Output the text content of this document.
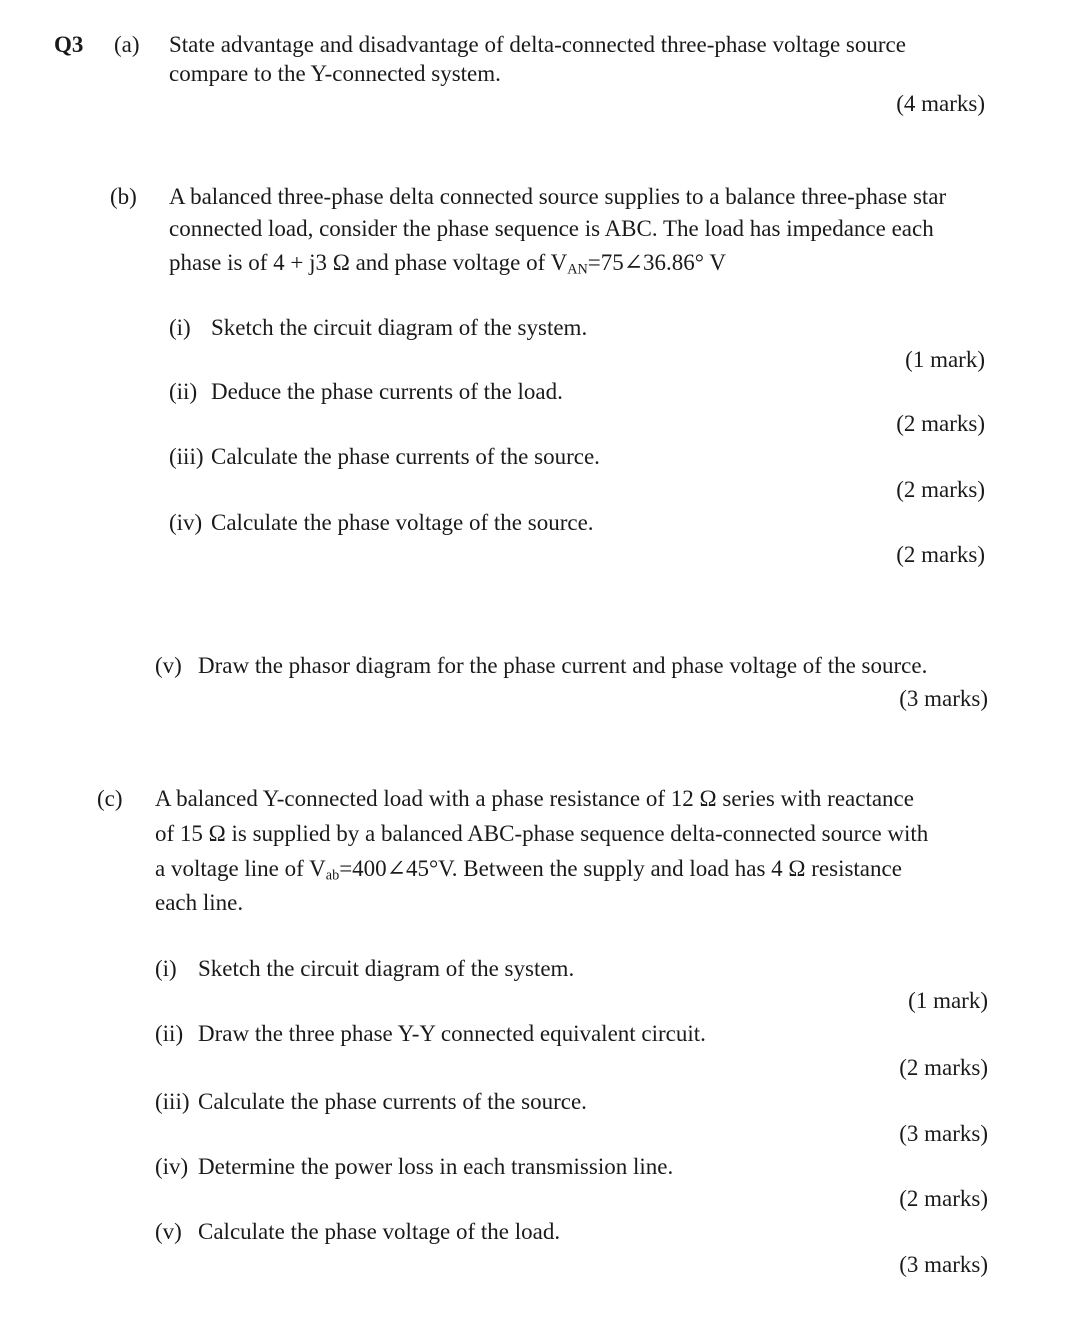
Q3 (a) State advantage and disadvantage of delta-connected three-phase voltage source
compare to the Y-connected system.
(4 marks)
(b) A balanced three-phase delta connected source supplies to a balance three-phase star
connected load, consider the phase sequence is ABC. The load has impedance each
phase is of 4 + j3 Ω and phase voltage of $V_{AN}=75\angle 36.86^\circ$ V
(i) Sketch the circuit diagram of the system.
(1 mark)
(ii) Deduce the phase currents of the load.
(2 marks)
(iii) Calculate the phase currents of the source.
(2 marks)
(iv) Calculate the phase voltage of the source.
(2 marks)
(v) Draw the phasor diagram for the phase current and phase voltage of the source.
(3 marks)
(c) A balanced Y-connected load with a phase resistance of 12 Ω series with reactance
of 15 Ω is supplied by a balanced ABC-phase sequence delta-connected source with
a voltage line of $V_{ab}=400\angle 45^\circ V$. Between the supply and load has 4 Ω resistance
each line.
(i) Sketch the circuit diagram of the system.
(1 mark)
(ii) Draw the three phase Y-Y connected equivalent circuit.
(2 marks)
(iii) Calculate the phase currents of the source.
(3 marks)
(iv) Determine the power loss in each transmission line.
(2 marks)
(v) Calculate the phase voltage of the load.
(3 marks)
